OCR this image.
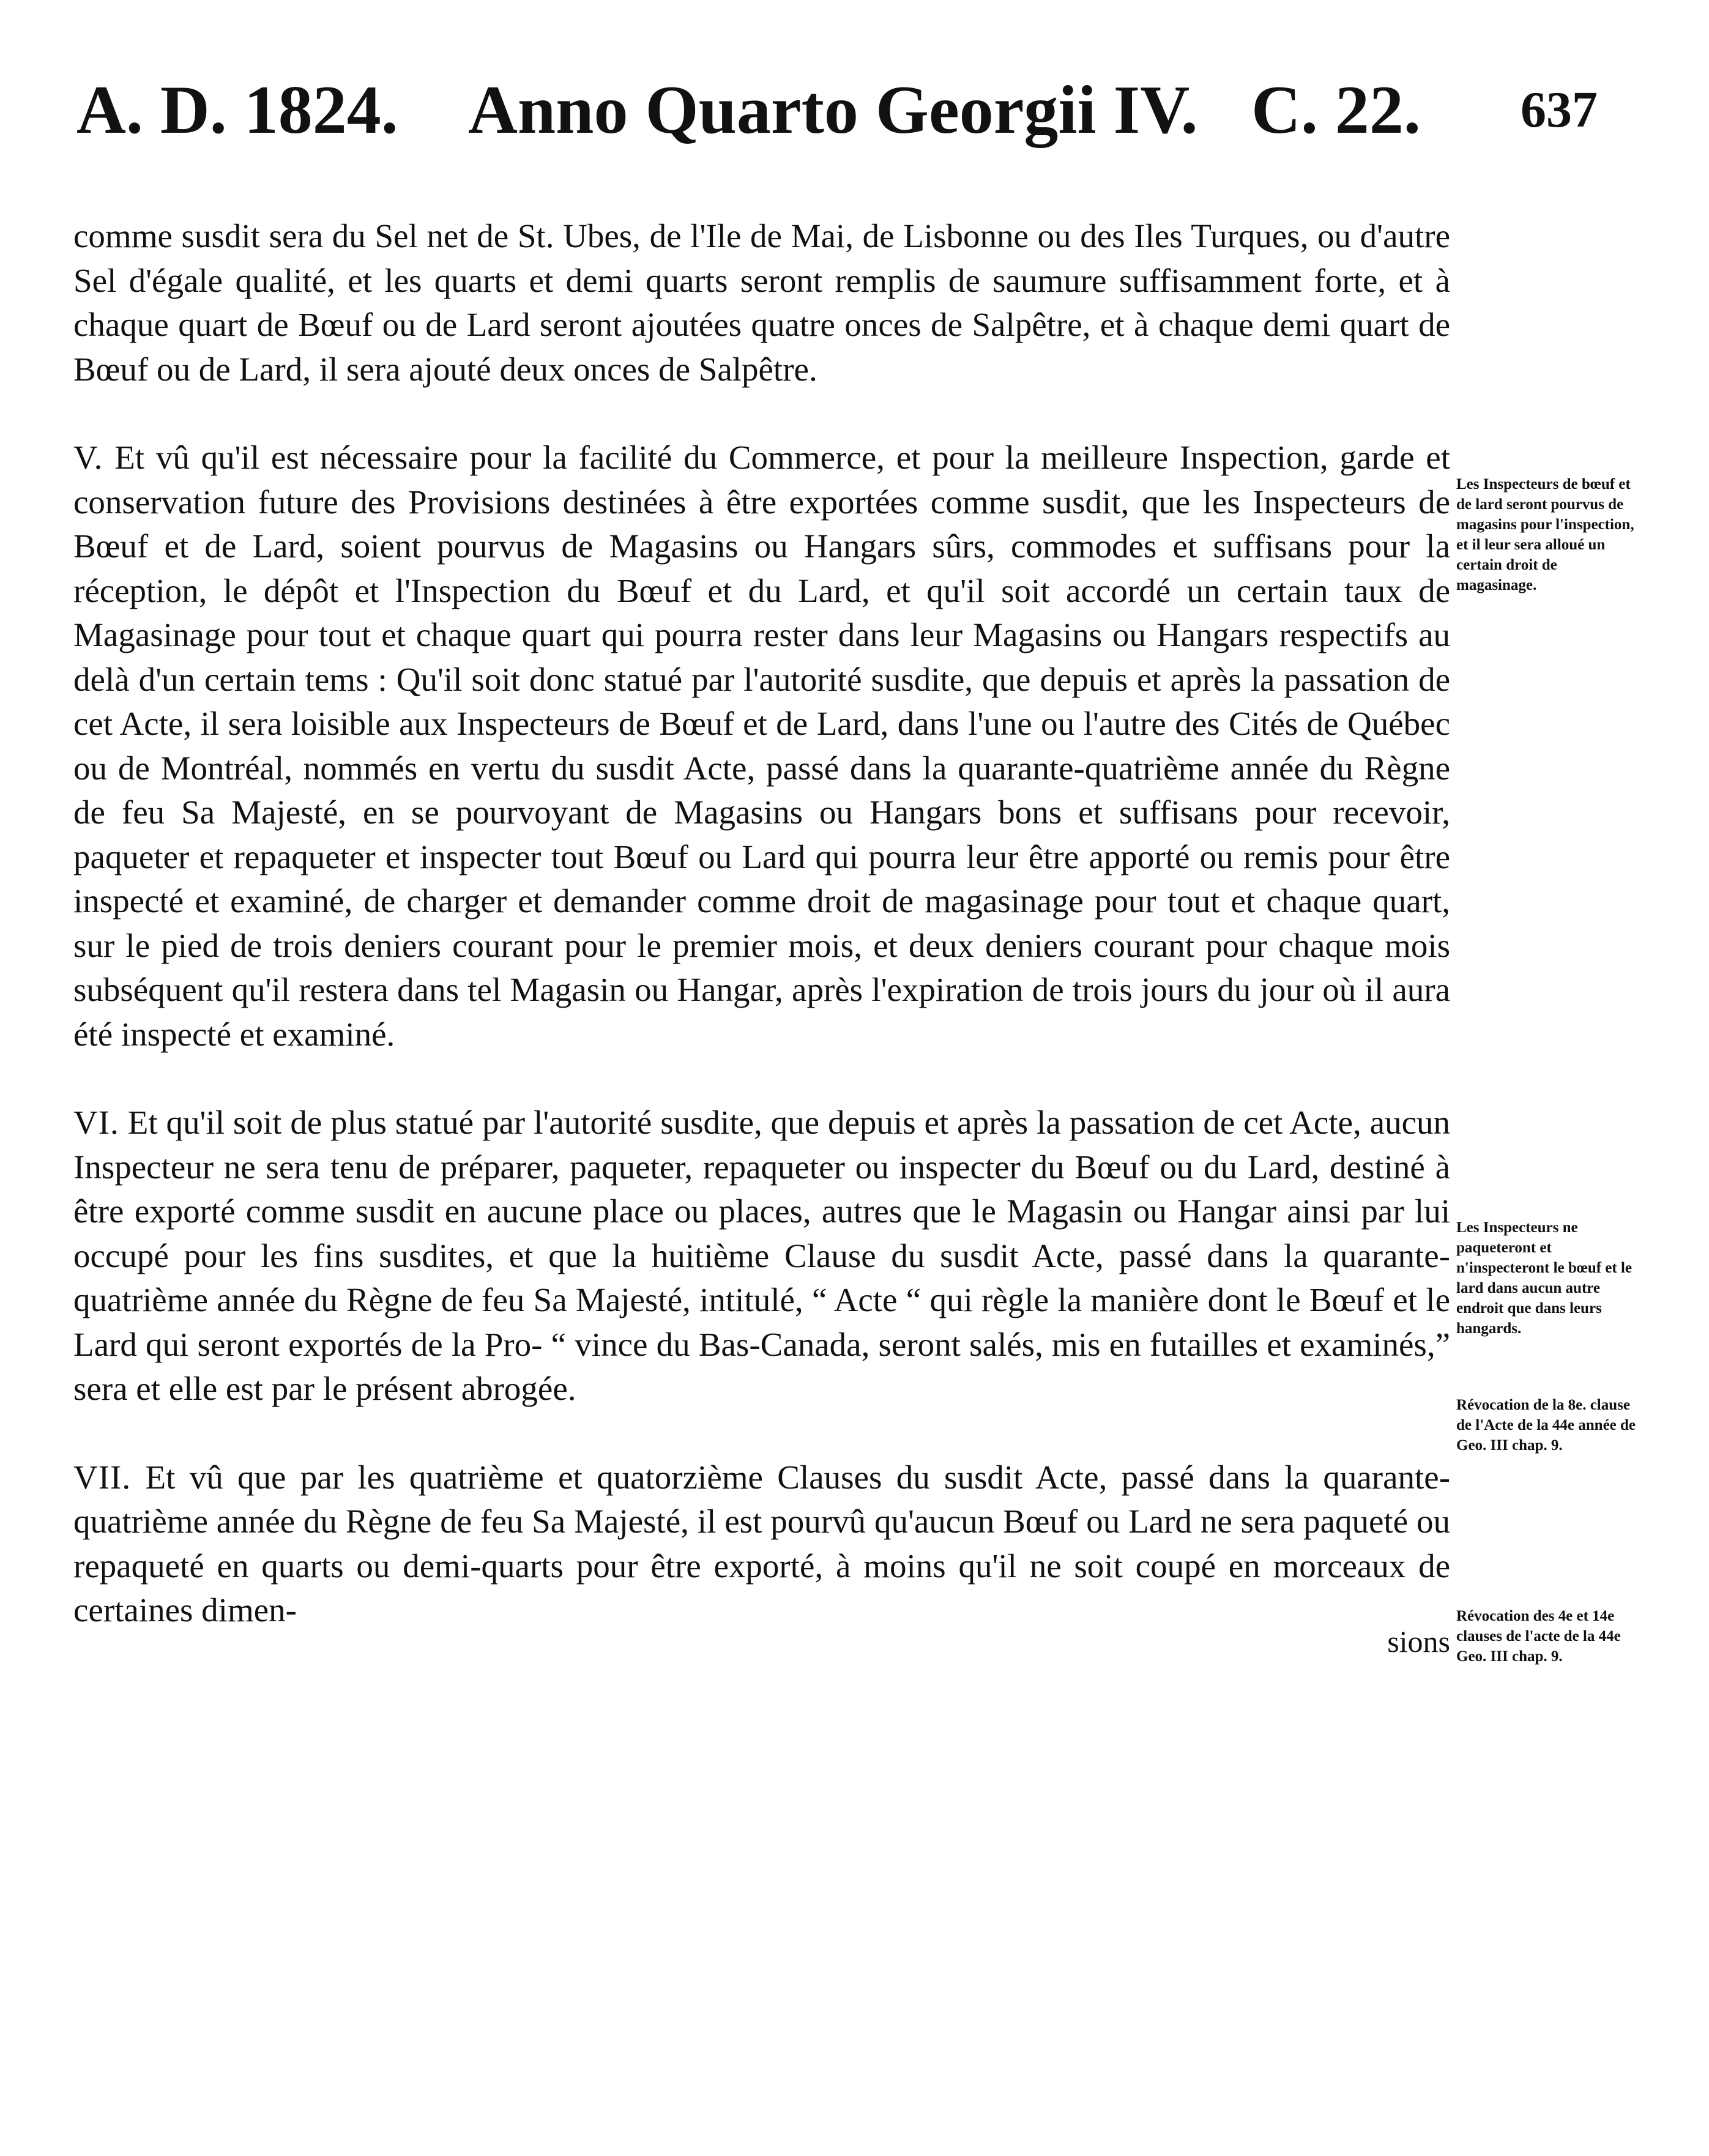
A. D. 1824. Anno Quarto Georgii IV. C. 22. 637

comme susdit sera du Sel net de St. Ubes, de l'Ile de Mai, de Lisbonne ou des Iles Turques, ou d'autre Sel d'égale qualité, et les quarts et demi quarts seront remplis de saumure suffisamment forte, et à chaque quart de Bœuf ou de Lard seront ajoutées quatre onces de Salpêtre, et à chaque demi quart de Bœuf ou de Lard, il sera ajouté deux onces de Salpêtre.

V. Et vû qu'il est nécessaire pour la facilité du Commerce, et pour la meilleure Inspection, garde et conservation future des Provisions destinées à être exportées comme susdit, que les Inspecteurs de Bœuf et de Lard, soient pourvus de Magasins ou Hangars sûrs, commodes et suffisans pour la réception, le dépôt et l'Inspection du Bœuf et du Lard, et qu'il soit accordé un certain taux de Magasinage pour tout et chaque quart qui pourra rester dans leur Magasins ou Hangars respectifs au delà d'un certain tems : Qu'il soit donc statué par l'autorité susdite, que depuis et après la passation de cet Acte, il sera loisible aux Inspecteurs de Bœuf et de Lard, dans l'une ou l'autre des Cités de Québec ou de Montréal, nommés en vertu du susdit Acte, passé dans la quarante-quatrième année du Règne de feu Sa Majesté, en se pourvoyant de Magasins ou Hangars bons et suffisans pour recevoir, paqueter et repaqueter et inspecter tout Bœuf ou Lard qui pourra leur être apporté ou remis pour être inspecté et examiné, de charger et demander comme droit de magasinage pour tout et chaque quart, sur le pied de trois deniers courant pour le premier mois, et deux deniers courant pour chaque mois subséquent qu'il restera dans tel Magasin ou Hangar, après l'expiration de trois jours du jour où il aura été inspecté et examiné.

VI. Et qu'il soit de plus statué par l'autorité susdite, que depuis et après la passation de cet Acte, aucun Inspecteur ne sera tenu de préparer, paqueter, repaqueter ou inspecter du Bœuf ou du Lard, destiné à être exporté comme susdit en aucune place ou places, autres que le Magasin ou Hangar ainsi par lui occupé pour les fins susdites, et que la huitième Clause du susdit Acte, passé dans la quarante-quatrième année du Règne de feu Sa Majesté, intitulé, “ Acte “ qui règle la manière dont le Bœuf et le Lard qui seront exportés de la Pro- “ vince du Bas-Canada, seront salés, mis en futailles et examinés,” sera et elle est par le présent abrogée.

VII. Et vû que par les quatrième et quatorzième Clauses du susdit Acte, passé dans la quarante-quatrième année du Règne de feu Sa Majesté, il est pourvû qu'aucun Bœuf ou Lard ne sera paqueté ou repaqueté en quarts ou demi-quarts pour être exporté, à moins qu'il ne soit coupé en morceaux de certaines dimen-
sions

Les Inspecteurs de bœuf et de lard seront pourvus de magasins pour l'inspection, et il leur sera alloué un certain droit de magasinage.

Les Inspecteurs ne paqueteront et n'inspecteront le bœuf et le lard dans aucun autre endroit que dans leurs hangards.

Révocation de la 8e. clause de l'Acte de la 44e année de Geo. III chap. 9.

Révocation des 4e et 14e clauses de l'acte de la 44e Geo. III chap. 9.
